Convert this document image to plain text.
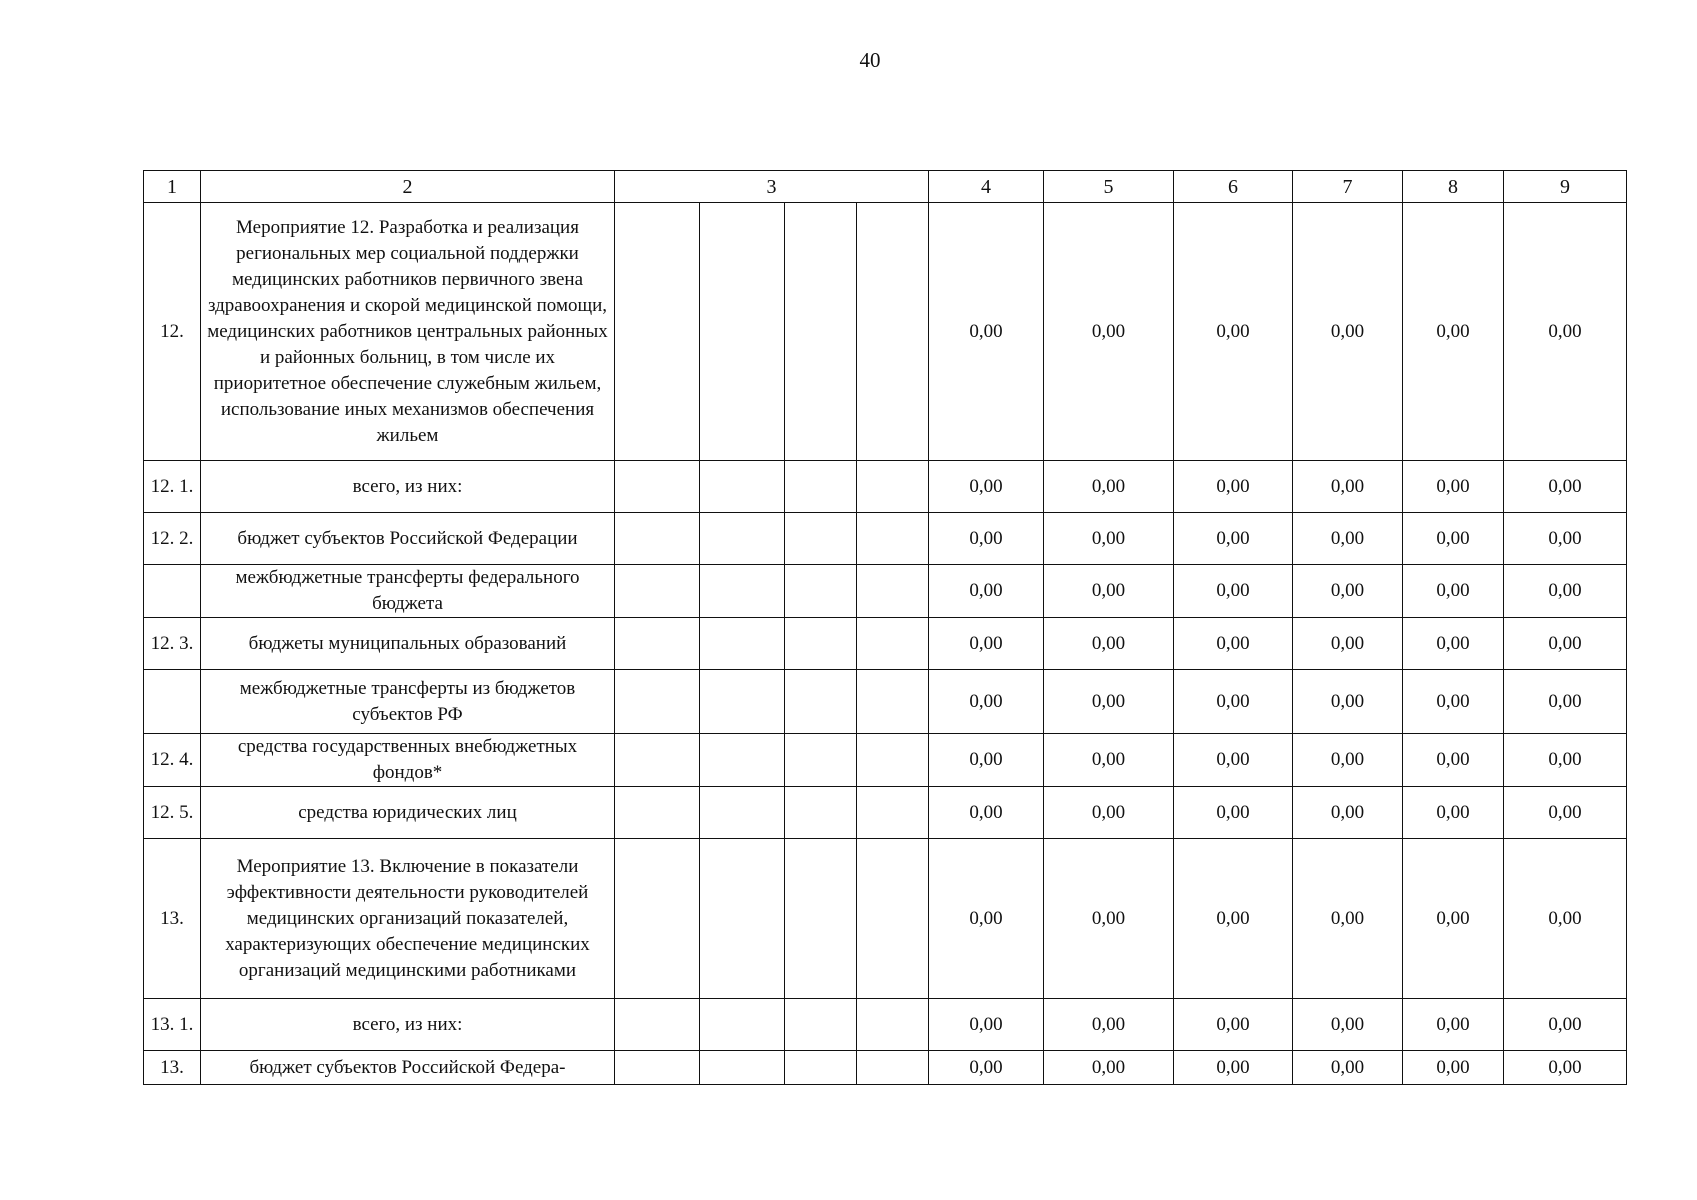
40
1	2	3				4	5	6	7	8	9
12.	Мероприятие 12. Разработка и реализация региональных мер социальной поддержки медицинских работников первичного звена здравоохранения и скорой медицинской помощи, медицинских работников центральных районных и районных больниц, в том числе их приоритетное обеспечение служебным жильем, использование иных механизмов обеспечения жильем					0,00	0,00	0,00	0,00	0,00	0,00
12. 1.	всего, из них:					0,00	0,00	0,00	0,00	0,00	0,00
12. 2.	бюджет субъектов Российской Федерации					0,00	0,00	0,00	0,00	0,00	0,00
	межбюджетные трансферты федерального бюджета					0,00	0,00	0,00	0,00	0,00	0,00
12. 3.	бюджеты муниципальных образований					0,00	0,00	0,00	0,00	0,00	0,00
	межбюджетные трансферты из бюджетов субъектов РФ					0,00	0,00	0,00	0,00	0,00	0,00
12. 4.	средства государственных внебюджетных фондов*					0,00	0,00	0,00	0,00	0,00	0,00
12. 5.	средства юридических лиц					0,00	0,00	0,00	0,00	0,00	0,00
13.	Мероприятие 13. Включение в показатели эффективности деятельности руководителей медицинских организаций показателей, характеризующих обеспечение медицинских организаций медицинскими работниками					0,00	0,00	0,00	0,00	0,00	0,00
13. 1.	всего, из них:					0,00	0,00	0,00	0,00	0,00	0,00
13.	бюджет субъектов Российской Федера-					0,00	0,00	0,00	0,00	0,00	0,00
